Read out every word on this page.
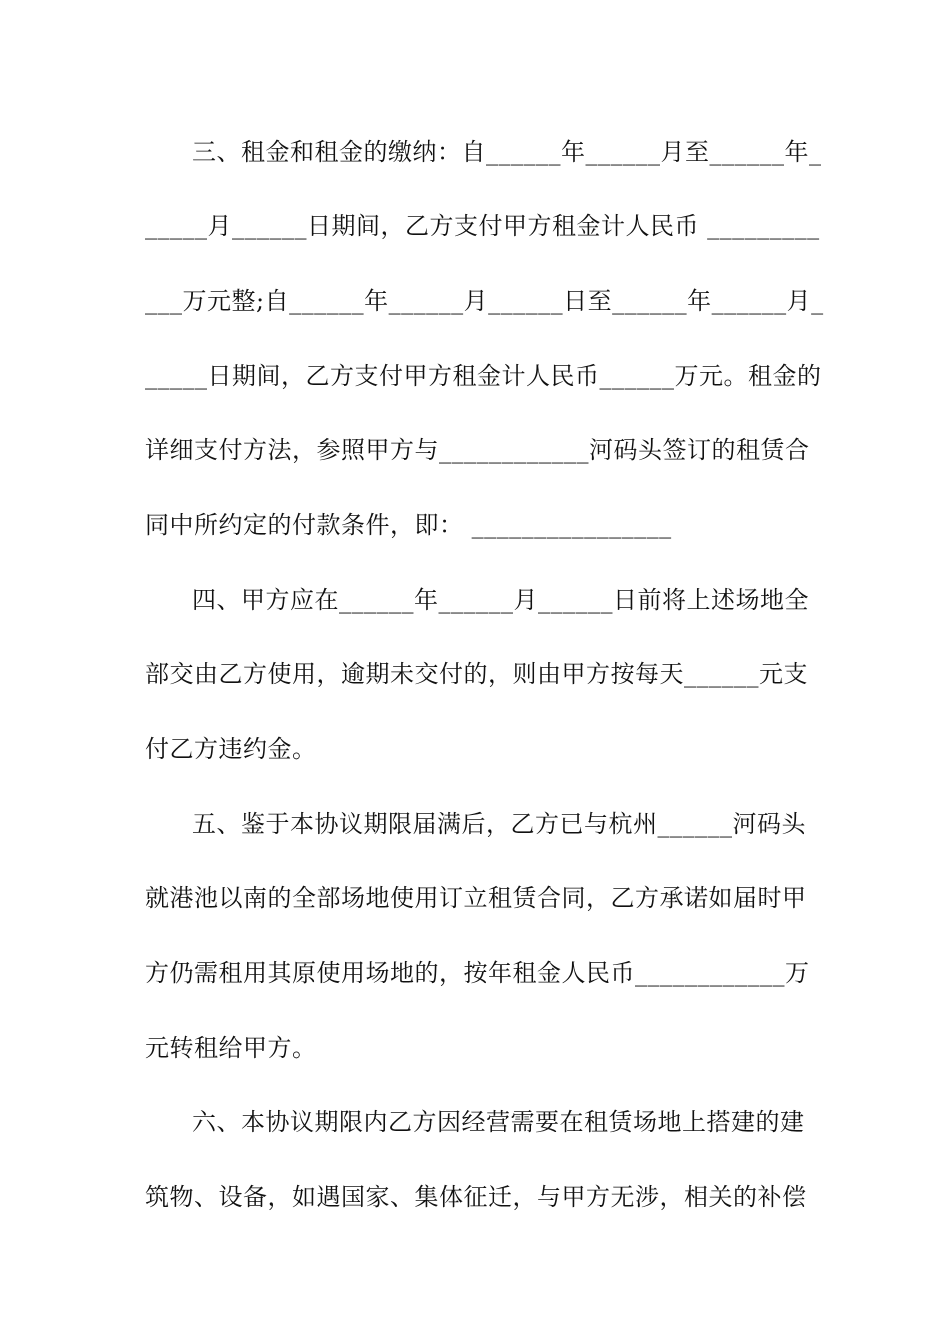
三、租金和租金的缴纳：自______年______月至______年_
_____月______日期间，乙方支付甲方租金计人民币 _________
___万元整;自______年______月______日至______年______月_
_____日期间，乙方支付甲方租金计人民币______万元。租金的
详细支付方法，参照甲方与____________河码头签订的租赁合
同中所约定的付款条件，即： ________________
四、甲方应在______年______月______日前将上述场地全
部交由乙方使用，逾期未交付的，则由甲方按每天______元支
付乙方违约金。
五、鉴于本协议期限届满后，乙方已与杭州______河码头
就港池以南的全部场地使用订立租赁合同，乙方承诺如届时甲
方仍需租用其原使用场地的，按年租金人民币____________万
元转租给甲方。
六、本协议期限内乙方因经营需要在租赁场地上搭建的建
筑物、设备，如遇国家、集体征迁，与甲方无涉，相关的补偿
